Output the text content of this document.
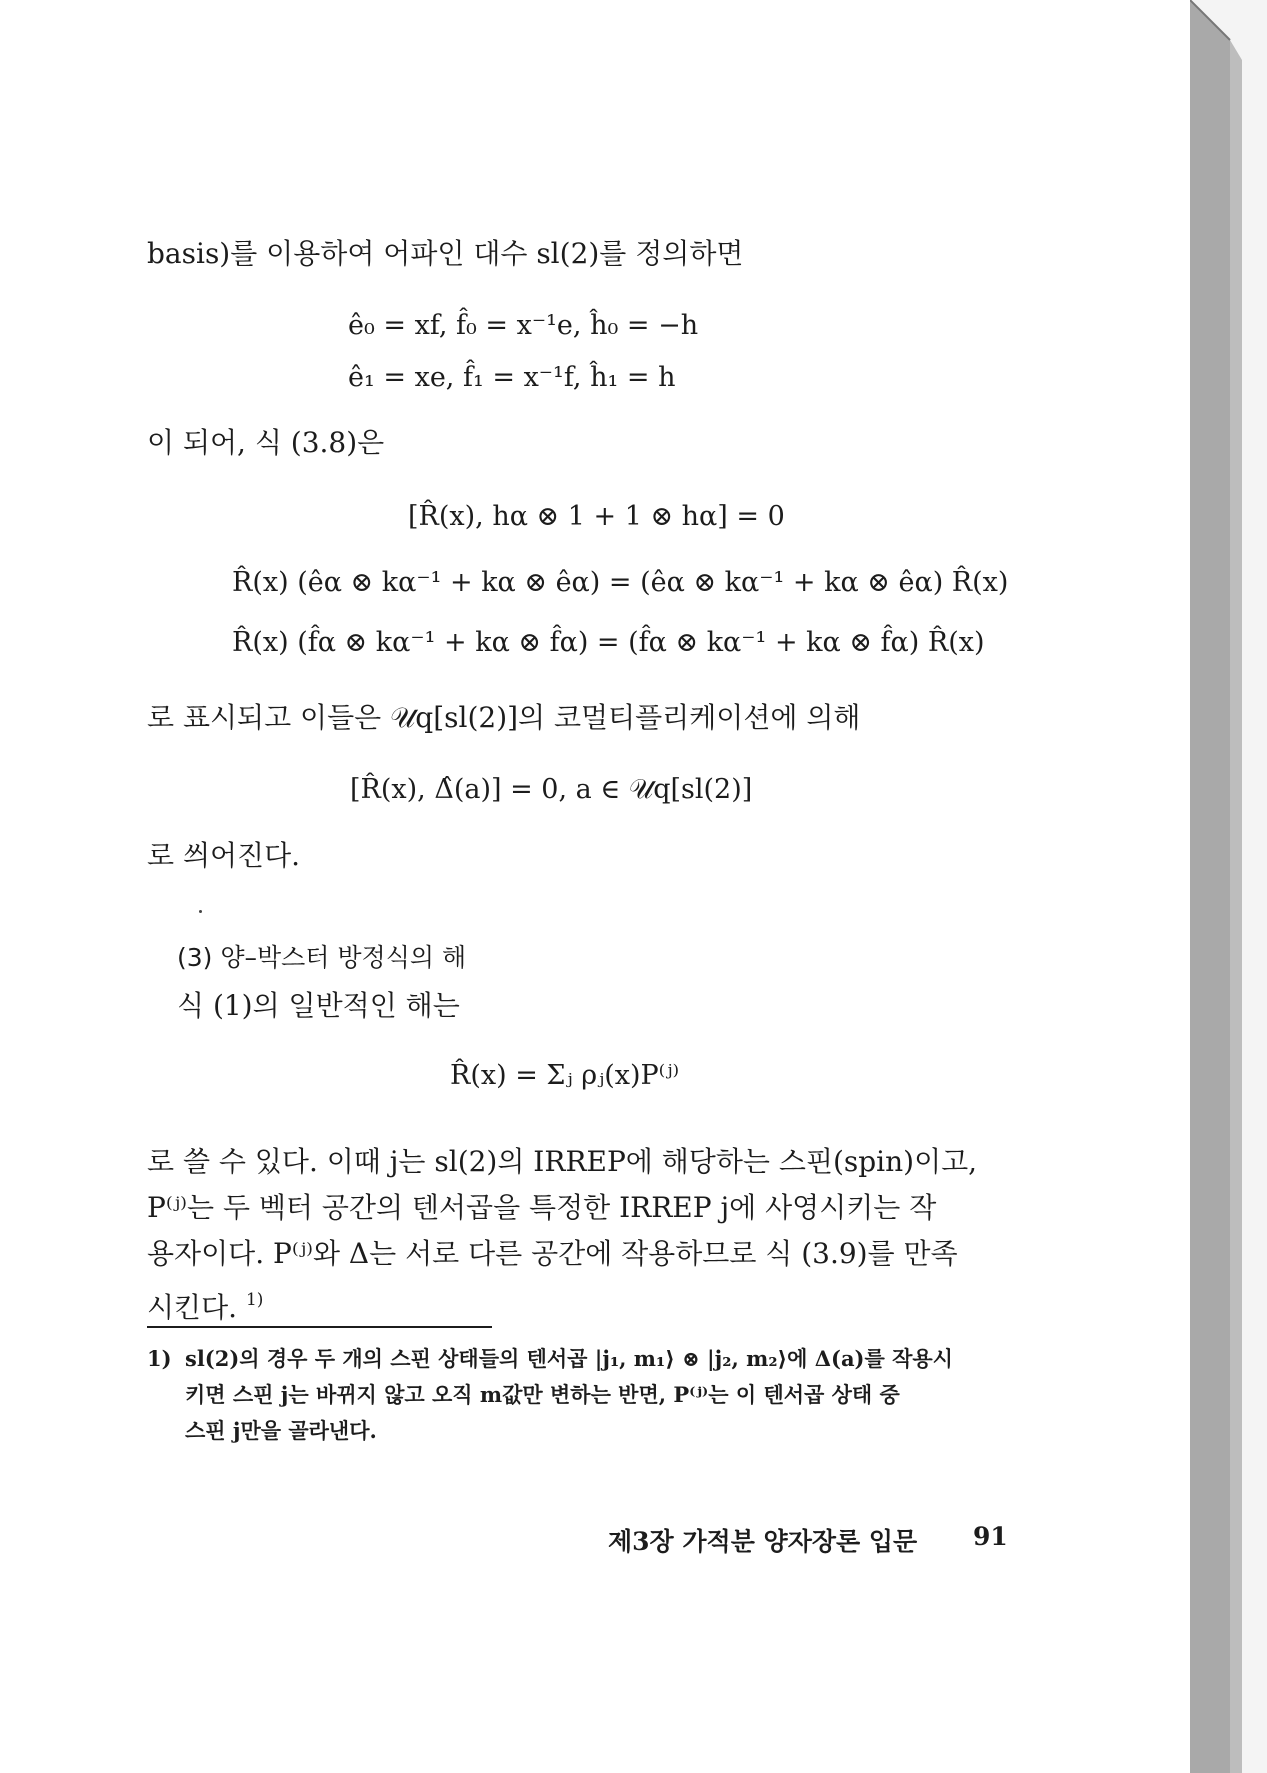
basis)를 이용하여 어파인 대수 sl(2)를 정의하면
ê₀ = xf, f̂₀ = x⁻¹e, ĥ₀ = −h
ê₁ = xe, f̂₁ = x⁻¹f, ĥ₁ = h
이 되어, 식 (3.8)은
[R̂(x), hα ⊗ 1 + 1 ⊗ hα] = 0
R̂(x) (êα ⊗ kα⁻¹ + kα ⊗ êα) = (êα ⊗ kα⁻¹ + kα ⊗ êα) R̂(x)
R̂(x) (f̂α ⊗ kα⁻¹ + kα ⊗ f̂α) = (f̂α ⊗ kα⁻¹ + kα ⊗ f̂α) R̂(x)
로 표시되고 이들은 𝒰q[sl(2)]의 코멀티플리케이션에 의해
[R̂(x), Δ̂(a)] = 0, a ∈ 𝒰q[sl(2)]
로 씌어진다.
(3) 양–박스터 방정식의 해
식 (1)의 일반적인 해는
R̂(x) = Σⱼ ρⱼ(x)P⁽ʲ⁾
로 쓸 수 있다. 이때 j는 sl(2)의 IRREP에 해당하는 스핀(spin)이고,
P⁽ʲ⁾는 두 벡터 공간의 텐서곱을 특정한 IRREP j에 사영시키는 작
용자이다. P⁽ʲ⁾와 Δ는 서로 다른 공간에 작용하므로 식 (3.9)를 만족
시킨다. $^{1)}$
1) sl(2)의 경우 두 개의 스핀 상태들의 텐서곱 |j₁, m₁⟩ ⊗ |j₂, m₂⟩에 Δ(a)를 작용시
키면 스핀 j는 바뀌지 않고 오직 m값만 변하는 반면, P⁽ʲ⁾는 이 텐서곱 상태 중
스핀 j만을 골라낸다.
제3장 가적분 양자장론 입문 91
